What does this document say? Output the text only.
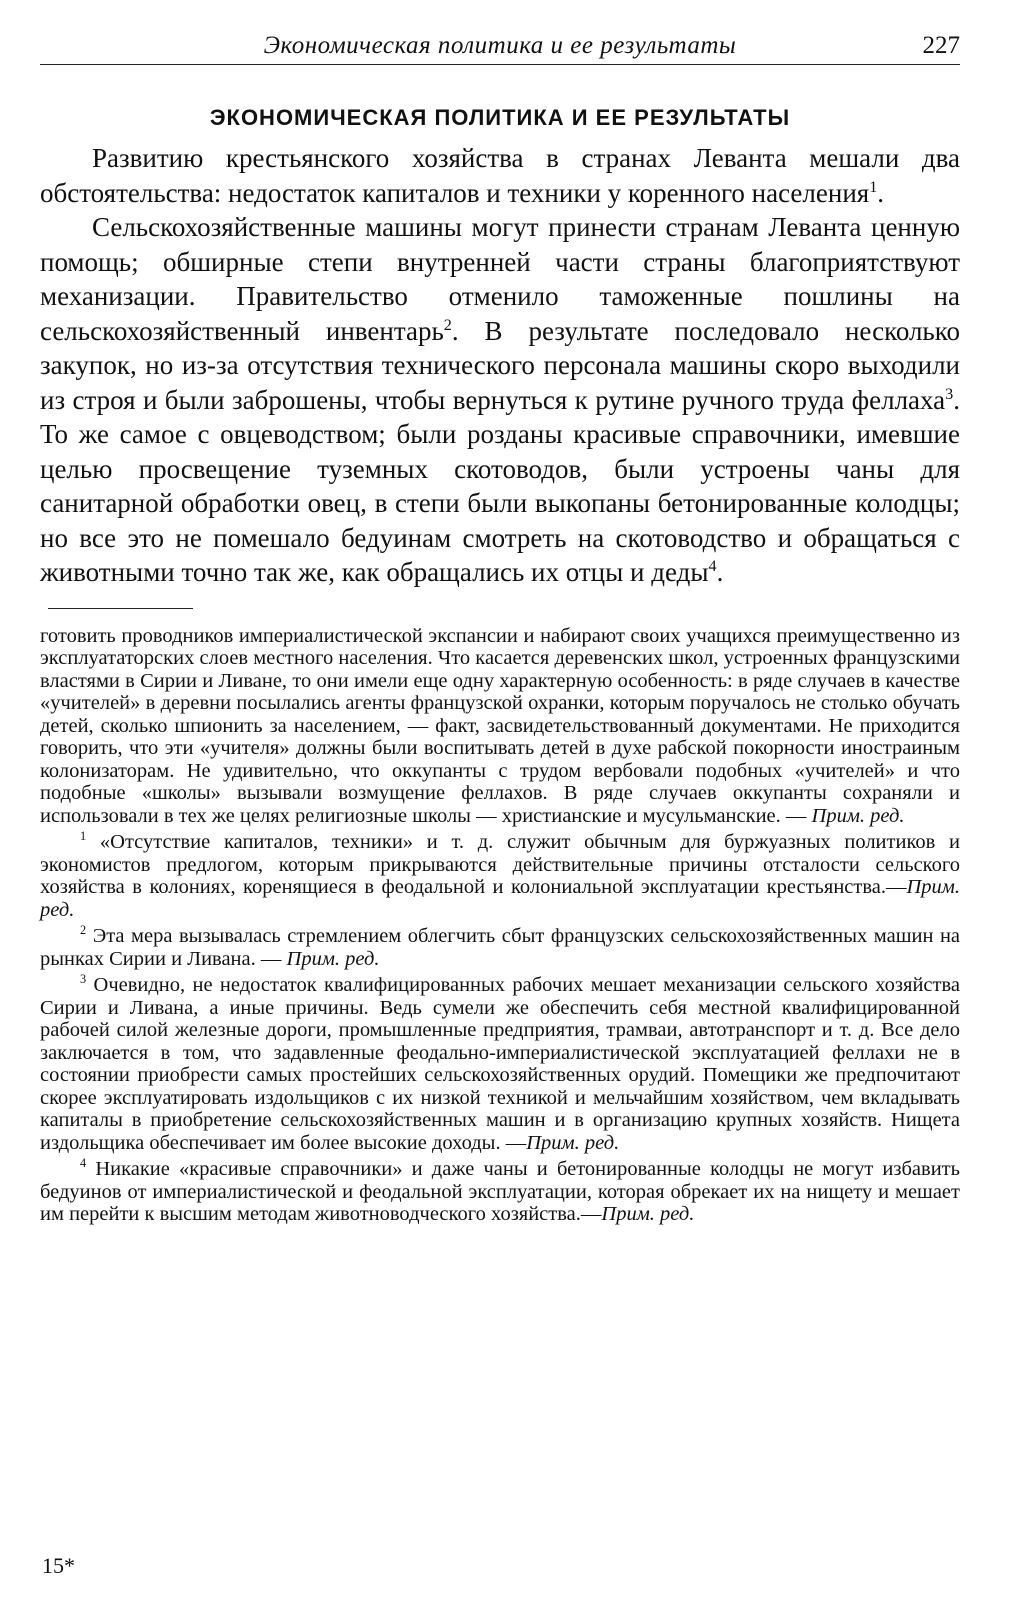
Экономическая политика и ее результаты	227
ЭКОНОМИЧЕСКАЯ ПОЛИТИКА И ЕЕ РЕЗУЛЬТАТЫ

Развитию крестьянского хозяйства в странах Леванта мешали два обстоятельства: недостаток капиталов и техники у коренного населения$^1$.

Сельскохозяйственные машины могут принести странам Леванта ценную помощь; обширные степи внутренней части страны благоприятствуют механизации. Правительство отменило таможенные пошлины на сельскохозяйственный инвентарь$^2$. В результате последовало несколько закупок, но из-за отсутствия технического персонала машины скоро выходили из строя и были заброшены, чтобы вернуться к рутине ручного труда феллаха$^3$. То же самое с овцеводством; были розданы красивые справочники, имевшие целью просвещение туземных скотоводов, были устроены чаны для санитарной обработки овец, в степи были выкопаны бетонированные колодцы; но все это не помешало бедуинам смотреть на скотоводство и обращаться с животными точно так же, как обращались их отцы и деды$^4$.

готовить проводников империалистической экспансии и набирают своих учащихся преимущественно из эксплуататорских слоев местного населения. Что касается деревенских школ, устроенных французскими властями в Сирии и Ливане, то они имели еще одну характерную особенность: в ряде случаев в качестве «учителей» в деревни посылались агенты французской охранки, которым поручалось не столько обучать детей, сколько шпионить за населением, — факт, засвидетельствованный документами. Не приходится говорить, что эти «учителя» должны были воспитывать детей в духе рабской покорности иностраиным колонизаторам. Не удивительно, что оккупанты с трудом вербовали подобных «учителей» и что подобные «школы» вызывали возмущение феллахов. В ряде случаев оккупанты сохраняли и использовали в тех же целях религиозные школы — христианские и мусульманские. — Прим. ред.

$^1$ «Отсутствие капиталов, техники» и т. д. служит обычным для буржуазных политиков и экономистов предлогом, которым прикрываются действительные причины отсталости сельского хозяйства в колониях, коренящиеся в феодальной и колониальной эксплуатации крестьянства.—Прим. ред.

$^2$ Эта мера вызывалась стремлением облегчить сбыт французских сельскохозяйственных машин на рынках Сирии и Ливана. — Прим. ред.

$^3$ Очевидно, не недостаток квалифицированных рабочих мешает механизации сельского хозяйства Сирии и Ливана, а иные причины. Ведь сумели же обеспечить себя местной квалифицированной рабочей силой железные дороги, промышленные предприятия, трамваи, автотранспорт и т. д. Все дело заключается в том, что задавленные феодально-империалистической эксплуатацией феллахи не в состоянии приобрести самых простейших сельскохозяйственных орудий. Помещики же предпочитают скорее эксплуатировать издольщиков с их низкой техникой и мельчайшим хозяйством, чем вкладывать капиталы в приобретение сельскохозяйственных машин и в организацию крупных хозяйств. Нищета издольщика обеспечивает им более высокие доходы. —Прим. ред.

$^4$ Никакие «красивые справочники» и даже чаны и бетонированные колодцы не могут избавить бедуинов от империалистической и феодальной эксплуатации, которая обрекает их на нищету и мешает им перейти к высшим методам животноводческого хозяйства.—Прим. ред.

15*
